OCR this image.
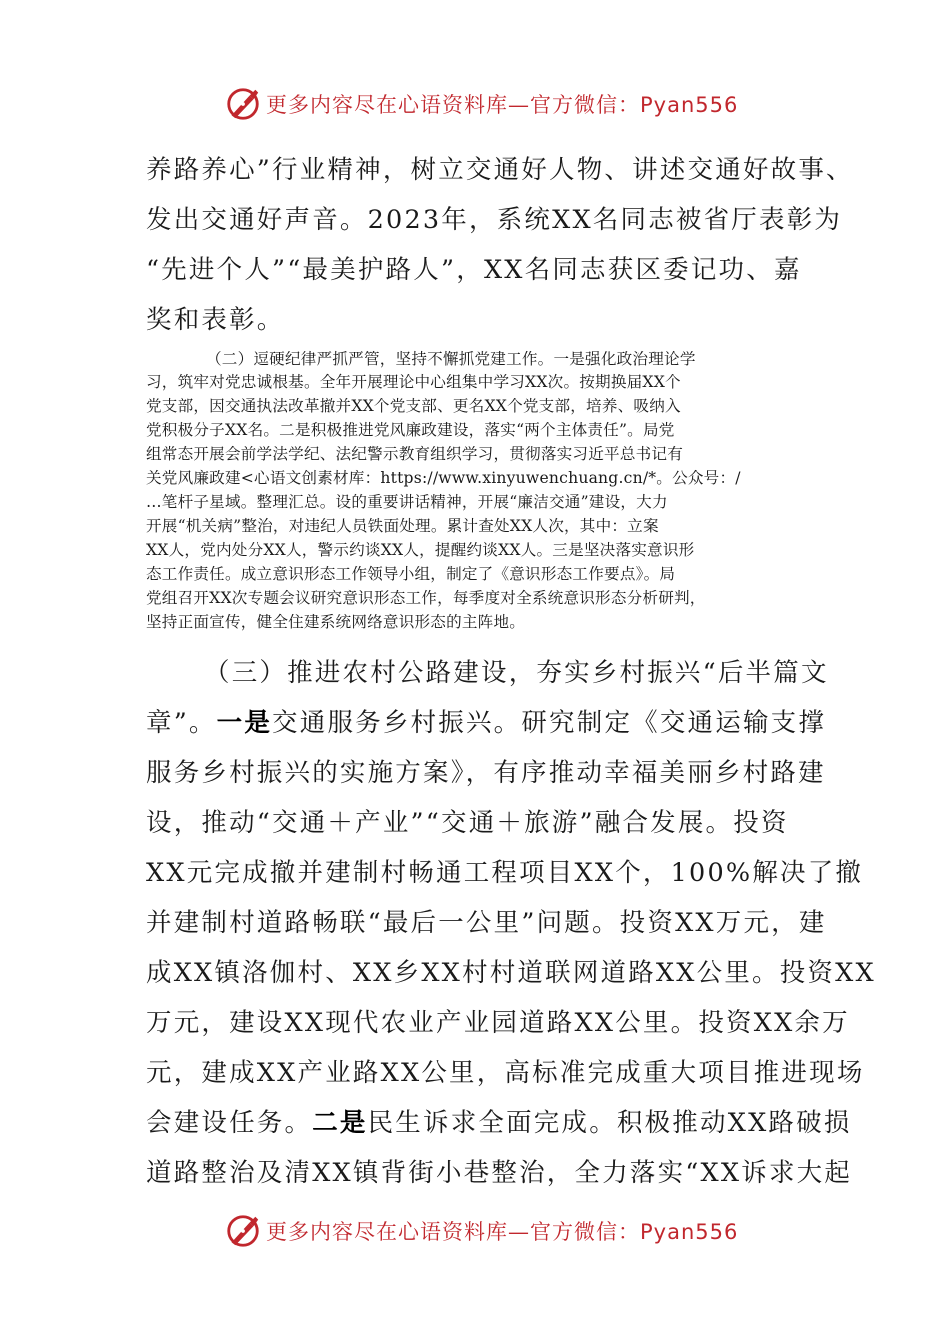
更多内容尽在心语资料库—官方微信：Pyan556

养路养心”行业精神，树立交通好人物、讲述交通好故事、

发出交通好声音。2023年，系统XX名同志被省厅表彰为

“先进个人”“最美护路人”，XX名同志获区委记功、嘉

奖和表彰。

（二）逗硬纪律严抓严管，坚持不懈抓党建工作。一是强化政治理论学

习，筑牢对党忠诚根基。全年开展理论中心组集中学习XX次。按期换届XX个

党支部，因交通执法改革撤并XX个党支部、更名XX个党支部，培养、吸纳入

党积极分子XX名。二是积极推进党风廉政建设，落实“两个主体责任”。局党

组常态开展会前学法学纪、法纪警示教育组织学习，贯彻落实习近平总书记有

关党风廉政建<心语文创素材库：https://www.xinyuwenchuang.cn/*。公众号：/

…笔杆子星域。整理汇总。设的重要讲话精神，开展“廉洁交通”建设，大力

开展“机关病”整治，对违纪人员铁面处理。累计查处XX人次，其中：立案

XX人，党内处分XX人，警示约谈XX人，提醒约谈XX人。三是坚决落实意识形

态工作责任。成立意识形态工作领导小组，制定了《意识形态工作要点》。局

党组召开XX次专题会议研究意识形态工作，每季度对全系统意识形态分析研判，

坚持正面宣传，健全住建系统网络意识形态的主阵地。

（三）推进农村公路建设，夯实乡村振兴“后半篇文

章”。一是交通服务乡村振兴。研究制定《交通运输支撑

服务乡村振兴的实施方案》，有序推动幸福美丽乡村路建

设，推动“交通＋产业”“交通＋旅游”融合发展。投资

XX元完成撤并建制村畅通工程项目XX个，100%解决了撤

并建制村道路畅联“最后一公里”问题。投资XX万元，建

成XX镇洛伽村、XX乡XX村村道联网道路XX公里。投资XX

万元，建设XX现代农业产业园道路XX公里。投资XX余万

元，建成XX产业路XX公里，高标准完成重大项目推进现场

会建设任务。二是民生诉求全面完成。积极推动XX路破损

道路整治及清XX镇背街小巷整治，全力落实“XX诉求大起

更多内容尽在心语资料库—官方微信：Pyan556
